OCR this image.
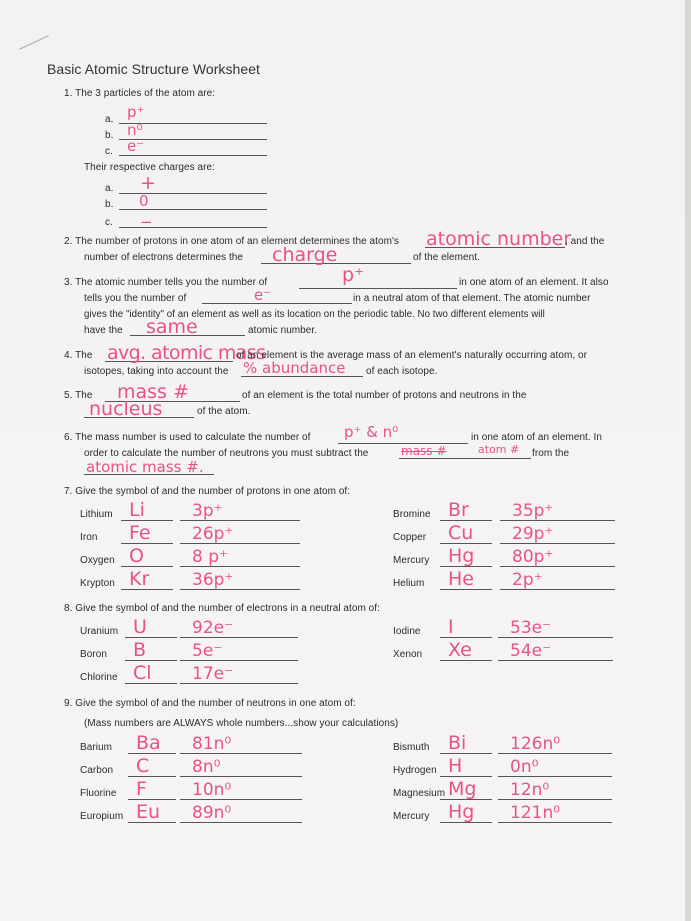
Basic Atomic Structure Worksheet
1. The 3 particles of the atom are:
a. p⁺
b. n⁰
c. e⁻
Their respective charges are:
a. +
b. 0
c. −
2. The number of protons in one atom of an element determines the atom's atomic number
, and the
number of electrons determines the charge	of the element.
3. The atomic number tells you the number of	p⁺	in one atom of an element. It also
tells you the number of	e⁻	in a neutral atom of that element. The atomic number
gives the "identity" of an element as well as its location on the periodic table. No two different elements will
have the same	atomic number.
4. The avg. atomic mass
of an element is the average mass of an element's naturally occurring atom, or
isotopes, taking into account the % abundance of each isotope.
5. The mass #	of an element is the total number of protons and neutrons in the
nucleus	of the atom.
6. The mass number is used to calculate the number of p⁺ & n⁰	in one atom of an element. In
order to calculate the number of neutrons you must subtract the	mass #	atom # from the
atomic mass #.
7. Give the symbol of and the number of protons in one atom of:
Lithium Li	3p⁺
Iron Fe 26p⁺
Oxygen O	8 p⁺
Krypton Kr	36p⁺
Bromine Br	35p⁺
Copper Cu 29p⁺
Mercury Hg 80p⁺
Helium He 2p⁺
8. Give the symbol of and the number of electrons in a neutral atom of:
Uranium U	92e⁻
Boron B	5e⁻
Chlorine Cl 17e⁻
Iodine I	53e⁻
Xenon Xe 54e⁻
9. Give the symbol of and the number of neutrons in one atom of:
(Mass numbers are ALWAYS whole numbers...show your calculations)
Barium Ba 81n⁰
Carbon C	8n⁰
Fluorine F	10n⁰
Europium Eu 89n⁰
Bismuth Bi	126n⁰
Hydrogen H	0n⁰
Magnesium Mg 12n⁰
Mercury Hg 121n⁰
